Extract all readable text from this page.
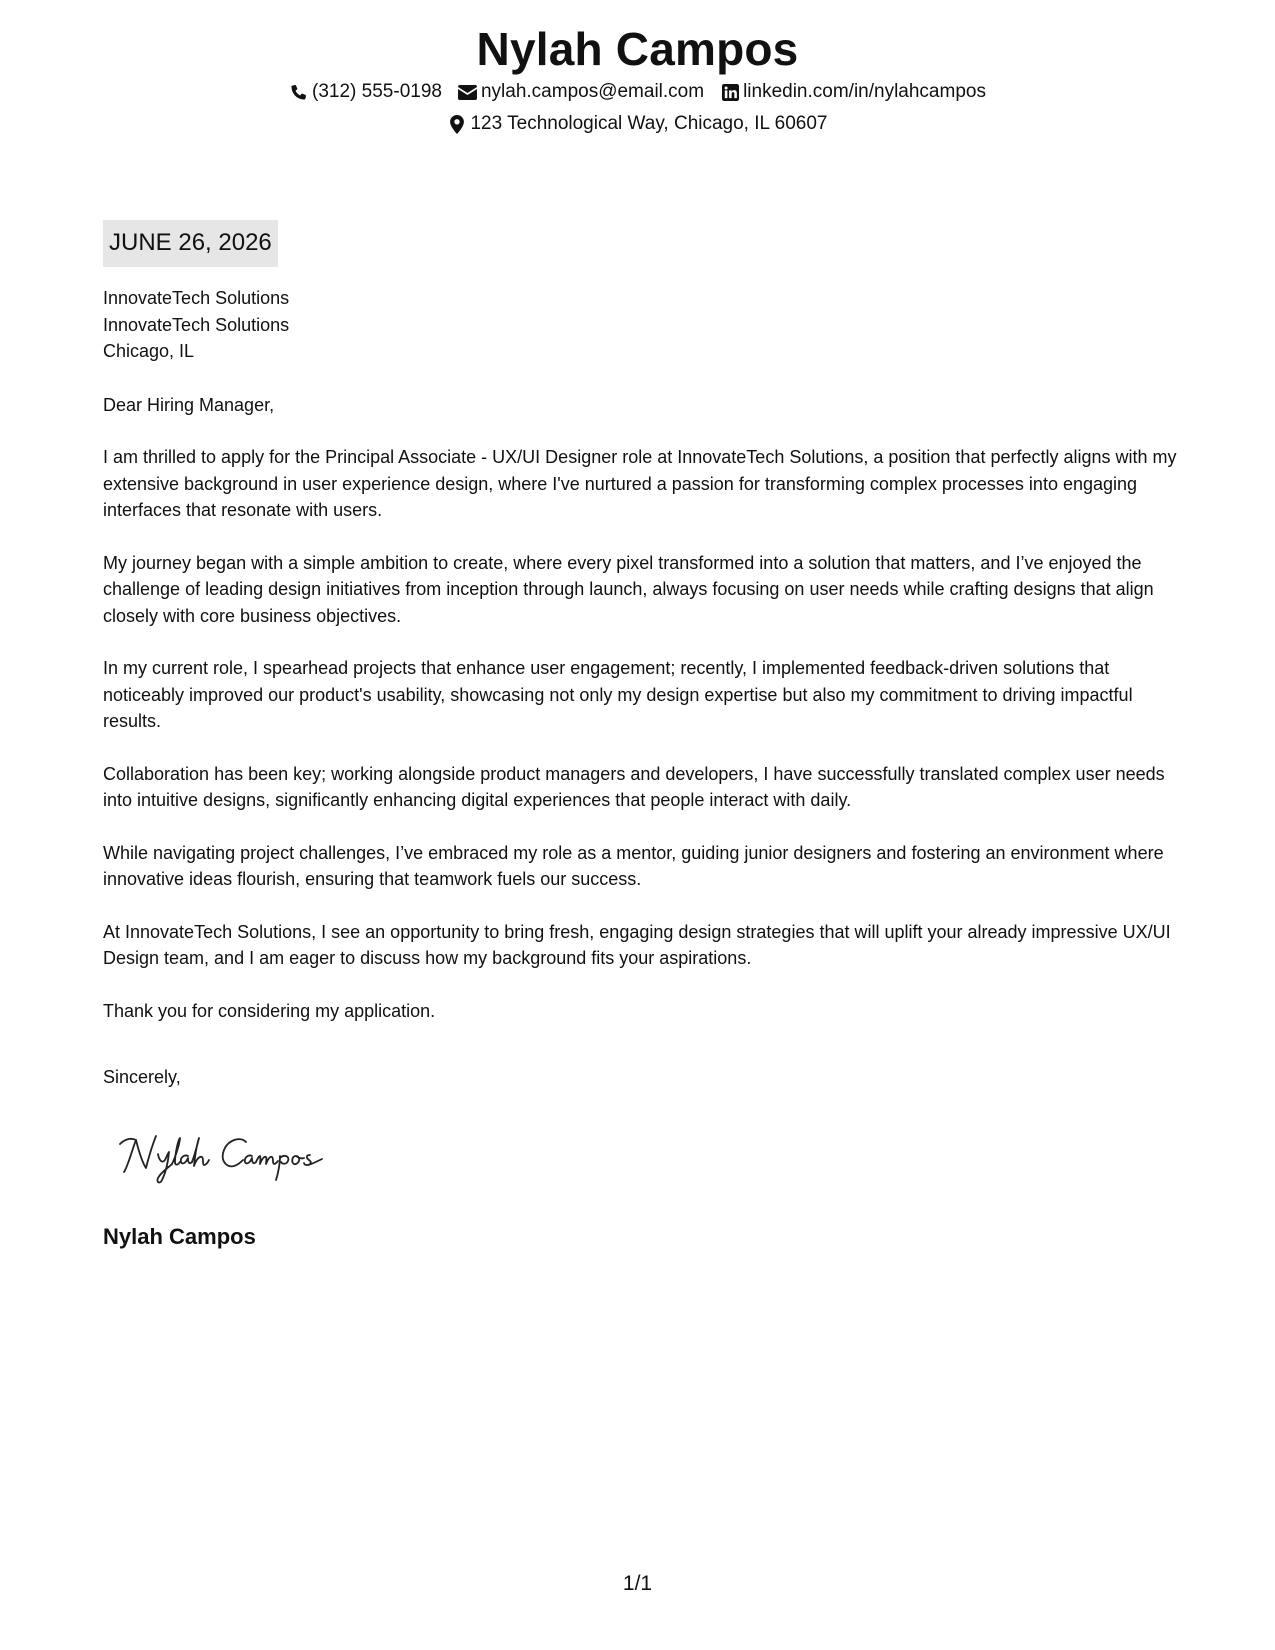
Nylah Campos
(312) 555-0198 nylah.campos@email.com linkedin.com/in/nylahcampos
123 Technological Way, Chicago, IL 60607
JUNE 26, 2026
InnovateTech Solutions
InnovateTech Solutions
Chicago, IL

Dear Hiring Manager,

I am thrilled to apply for the Principal Associate - UX/UI Designer role at InnovateTech Solutions, a position that perfectly aligns with my extensive background in user experience design, where I've nurtured a passion for transforming complex processes into engaging interfaces that resonate with users.

My journey began with a simple ambition to create, where every pixel transformed into a solution that matters, and I’ve enjoyed the challenge of leading design initiatives from inception through launch, always focusing on user needs while crafting designs that align closely with core business objectives.

In my current role, I spearhead projects that enhance user engagement; recently, I implemented feedback-driven solutions that noticeably improved our product's usability, showcasing not only my design expertise but also my commitment to driving impactful results.

Collaboration has been key; working alongside product managers and developers, I have successfully translated complex user needs into intuitive designs, significantly enhancing digital experiences that people interact with daily.

While navigating project challenges, I’ve embraced my role as a mentor, guiding junior designers and fostering an environment where innovative ideas flourish, ensuring that teamwork fuels our success.

At InnovateTech Solutions, I see an opportunity to bring fresh, engaging design strategies that will uplift your already impressive UX/UI Design team, and I am eager to discuss how my background fits your aspirations.

Thank you for considering my application.

Sincerely,

Nylah Campos
1/1
